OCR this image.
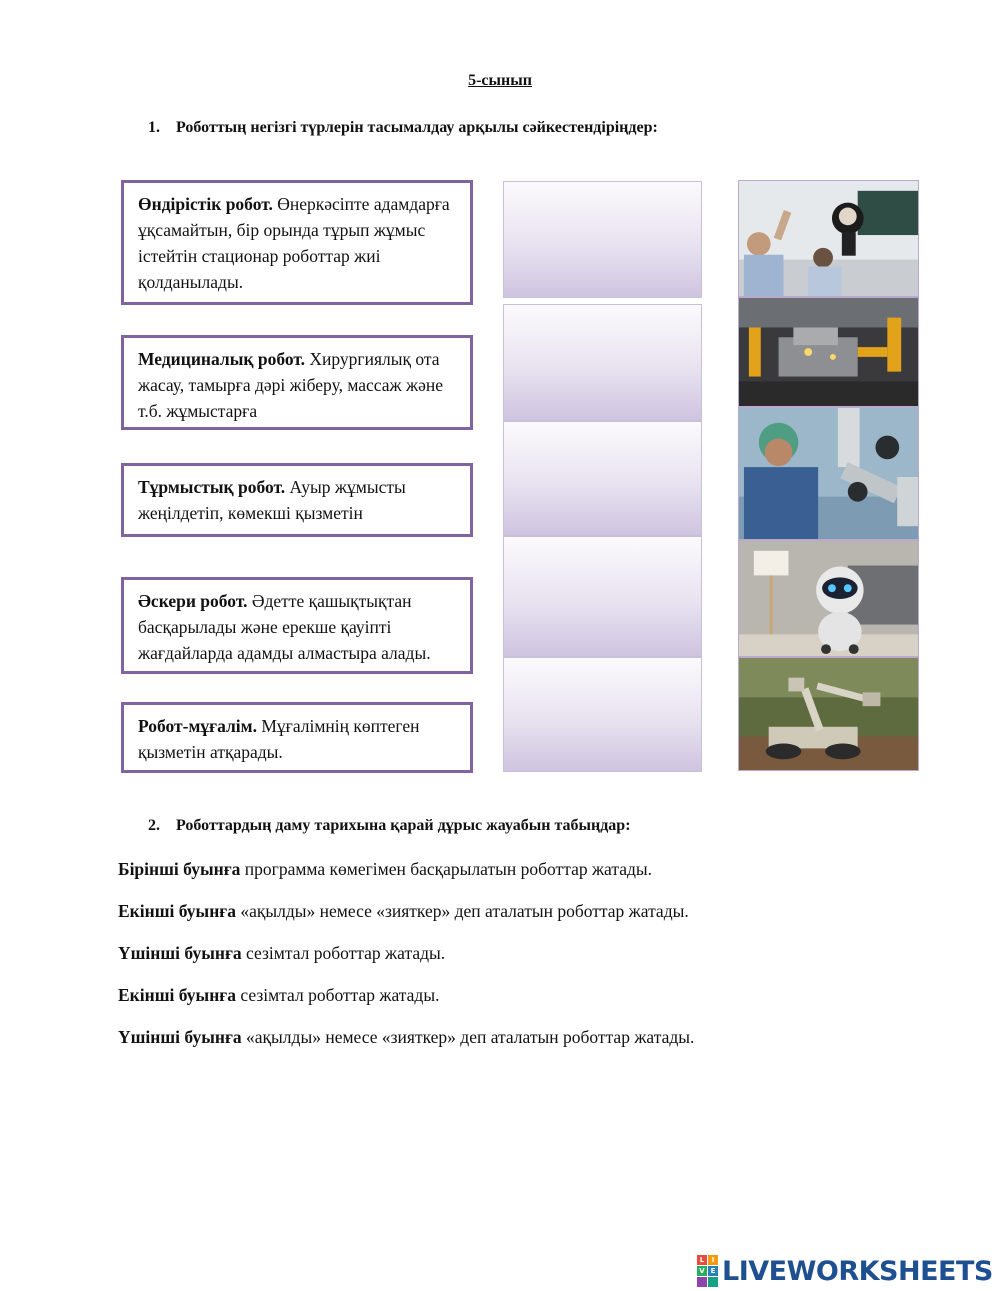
5-сынып
1. Роботтың негізгі түрлерін тасымалдау арқылы сәйкестендіріңдер:
Өндірістік робот. Өнеркәсіпте адамдарға ұқсамайтын, бір орында тұрып жұмыс істейтін стационар роботтар жиі қолданылады.
Медициналық робот. Хирургиялық ота жасау, тамырға дәрі жіберу, массаж және т.б. жұмыстарға
Тұрмыстық робот. Ауыр жұмысты жеңілдетіп, көмекші қызметін
Әскери робот. Әдетте қашықтықтан басқарылады және ерекше қауіпті жағдайларда адамды алмастыра алады.
Робот-мұғалім. Мұғалімнің көптеген қызметін атқарады.
2. Роботтардың даму тарихына қарай дұрыс жауабын табыңдар:
Бірінші буынға программа көмегімен басқарылатын роботтар жатады.
Екінші буынға «ақылды» немесе «зияткер» деп аталатын роботтар жатады.
Үшінші буынға сезімтал роботтар жатады.
Екінші буынға сезімтал роботтар жатады.
Үшінші буынға «ақылды» немесе «зияткер» деп аталатын роботтар жатады.
L	I
V E LIVEWORKSHEETS
